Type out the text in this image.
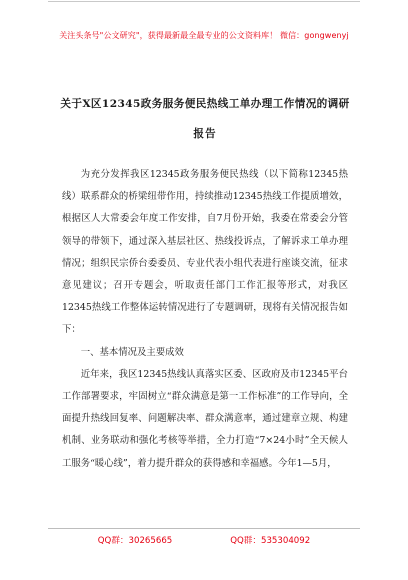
关注头条号"公文研究"，获得最新最全最专业的公文资料库！ 微信：gongwenyj
关于X区12345政务服务便民热线工单办理工作情况的调研
报告

为充分发挥我区12345政务服务便民热线（以下简称12345热线）联系群众的桥梁纽带作用，持续推动12345热线工作提质增效，根据区人大常委会年度工作安排，自7月份开始，我委在常委会分管领导的带领下，通过深入基层社区、热线投诉点，了解诉求工单办理情况；组织民宗侨台委委员、专业代表小组代表进行座谈交流，征求意见建议；召开专题会，听取责任部门工作汇报等形式，对我区12345热线工作整体运转情况进行了专题调研，现将有关情况报告如下：

一、基本情况及主要成效

近年来，我区12345热线认真落实区委、区政府及市12345平台工作部署要求，牢固树立“群众满意是第一工作标准”的工作导向，全面提升热线回复率、问题解决率、群众满意率，通过建章立规、构建机制、业务联动和强化考核等举措，全力打造“7×24小时”全天候人工服务“暖心线”，着力提升群众的获得感和幸福感。今年1—5月，

QQ群：30265665	QQ群：535304092
